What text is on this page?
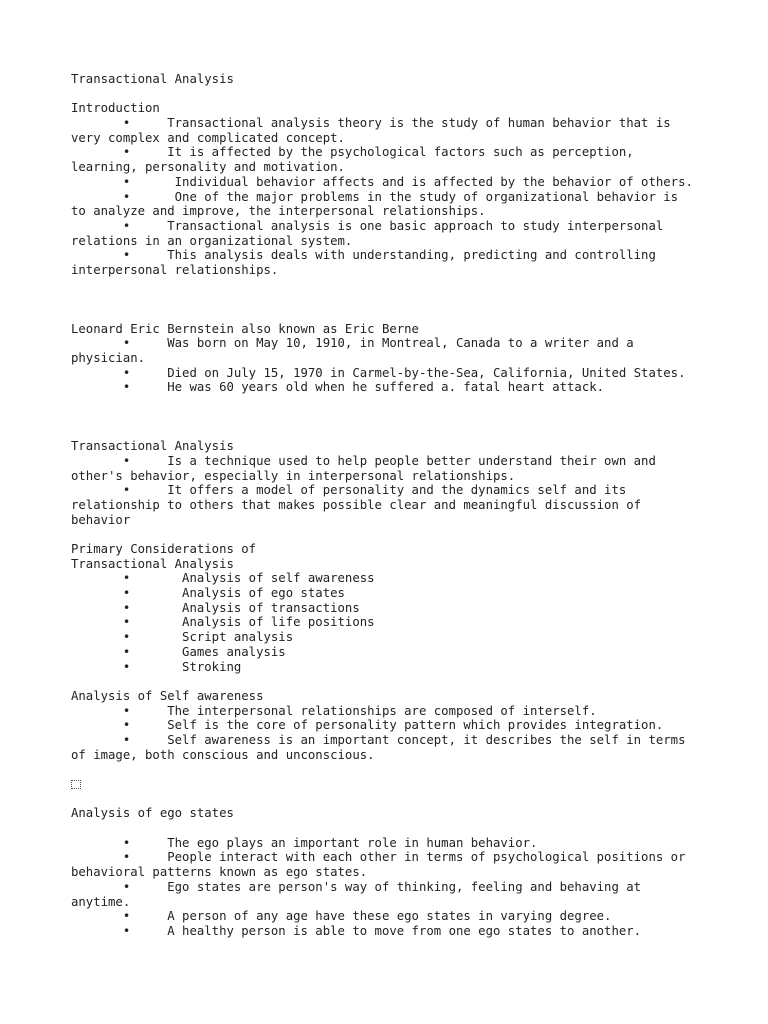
Transactional Analysis
Introduction
•     Transactional analysis theory is the study of human behavior that is
very complex and complicated concept.
•     It is affected by the psychological factors such as perception,
learning, personality and motivation.
•      Individual behavior affects and is affected by the behavior of others.
•      One of the major problems in the study of organizational behavior is
to analyze and improve, the interpersonal relationships.
•     Transactional analysis is one basic approach to study interpersonal
relations in an organizational system.
•     This analysis deals with understanding, predicting and controlling
interpersonal relationships.
Leonard Eric Bernstein also known as Eric Berne
•     Was born on May 10, 1910, in Montreal, Canada to a writer and a
physician.
•     Died on July 15, 1970 in Carmel-by-the-Sea, California, United States.
•     He was 60 years old when he suffered a. fatal heart attack.
Transactional Analysis
•     Is a technique used to help people better understand their own and
other's behavior, especially in interpersonal relationships.
•     It offers a model of personality and the dynamics self and its
relationship to others that makes possible clear and meaningful discussion of
behavior
Primary Considerations of
Transactional Analysis
•       Analysis of self awareness
•       Analysis of ego states
•       Analysis of transactions
•       Analysis of life positions
•       Script analysis
•       Games analysis
•       Stroking
Analysis of Self awareness
•     The interpersonal relationships are composed of interself.
•     Self is the core of personality pattern which provides integration.
•     Self awareness is an important concept, it describes the self in terms
of image, both conscious and unconscious.
Analysis of ego states
•     The ego plays an important role in human behavior.
•     People interact with each other in terms of psychological positions or
behavioral patterns known as ego states.
•     Ego states are person's way of thinking, feeling and behaving at
anytime.
•     A person of any age have these ego states in varying degree.
•     A healthy person is able to move from one ego states to another.
